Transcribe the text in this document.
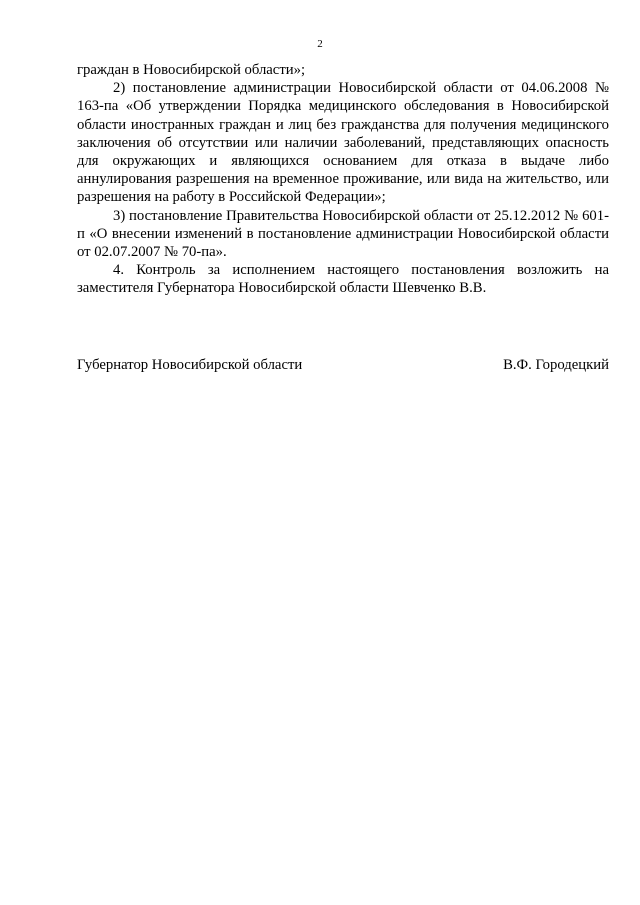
2

граждан в Новосибирской области»;

2) постановление администрации Новосибирской области от 04.06.2008 № 163-па «Об утверждении Порядка медицинского обследования в Новосибирской области иностранных граждан и лиц без гражданства для получения медицинского заключения об отсутствии или наличии заболеваний, представляющих опасность для окружающих и являющихся основанием для отказа в выдаче либо аннулирования разрешения на временное проживание, или вида на жительство, или разрешения на работу в Российской Федерации»;

3) постановление Правительства Новосибирской области от 25.12.2012 № 601-п «О внесении изменений в постановление администрации Новосибирской области от 02.07.2007 № 70-па».

4. Контроль за исполнением настоящего постановления возложить на заместителя Губернатора Новосибирской области Шевченко В.В.

Губернатор Новосибирской области	В.Ф. Городецкий
